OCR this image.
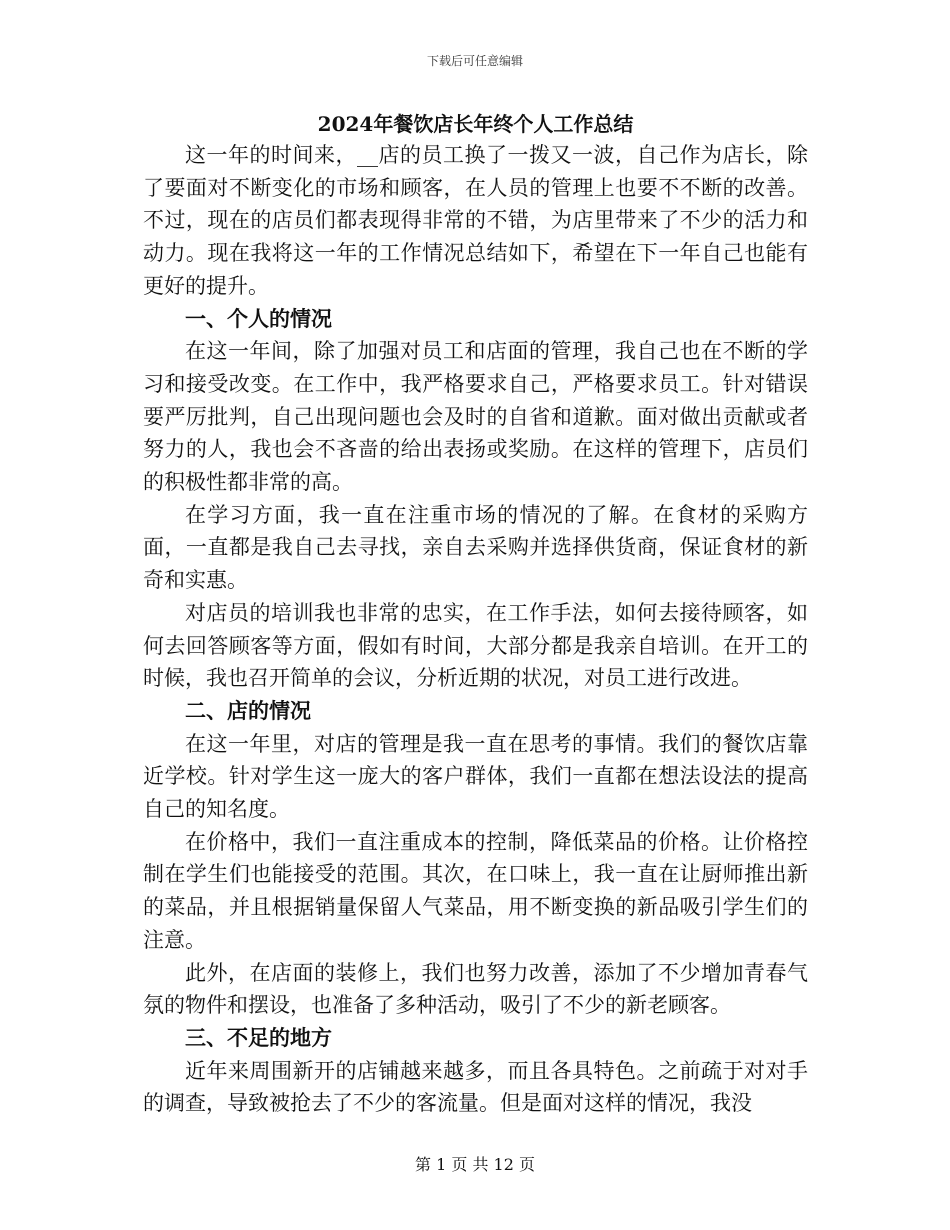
下载后可任意编辑
2024年餐饮店长年终个人工作总结

这一年的时间来，__店的员工换了一拨又一波，自己作为店长，除了要面对不断变化的市场和顾客，在人员的管理上也要不不断的改善。不过，现在的店员们都表现得非常的不错，为店里带来了不少的活力和动力。现在我将这一年的工作情况总结如下，希望在下一年自己也能有更好的提升。

一、个人的情况

在这一年间，除了加强对员工和店面的管理，我自己也在不断的学习和接受改变。在工作中，我严格要求自己，严格要求员工。针对错误要严厉批判，自己出现问题也会及时的自省和道歉。面对做出贡献或者努力的人，我也会不吝啬的给出表扬或奖励。在这样的管理下，店员们的积极性都非常的高。

在学习方面，我一直在注重市场的情况的了解。在食材的采购方面，一直都是我自己去寻找，亲自去采购并选择供货商，保证食材的新奇和实惠。

对店员的培训我也非常的忠实，在工作手法，如何去接待顾客，如何去回答顾客等方面，假如有时间，大部分都是我亲自培训。在开工的时候，我也召开简单的会议，分析近期的状况，对员工进行改进。

二、店的情况

在这一年里，对店的管理是我一直在思考的事情。我们的餐饮店靠近学校。针对学生这一庞大的客户群体，我们一直都在想法设法的提高自己的知名度。

在价格中，我们一直注重成本的控制，降低菜品的价格。让价格控制在学生们也能接受的范围。其次，在口味上，我一直在让厨师推出新的菜品，并且根据销量保留人气菜品，用不断变换的新品吸引学生们的注意。

此外，在店面的装修上，我们也努力改善，添加了不少增加青春气氛的物件和摆设，也准备了多种活动，吸引了不少的新老顾客。

三、不足的地方

近年来周围新开的店铺越来越多，而且各具特色。之前疏于对对手的调查，导致被抢去了不少的客流量。但是面对这样的情况，我没

第 1 页 共 12 页
